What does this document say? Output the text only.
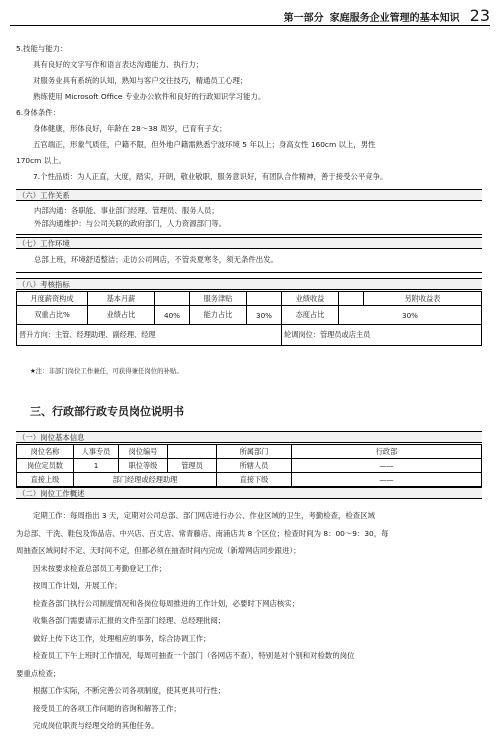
第一部分 家庭服务企业管理的基本知识 23
5.技能与能力：
具有良好的文字写作和语言表达沟通能力、执行力；
对服务业具有系统的认知，熟知与客户交往技巧，精通员工心理；
熟练使用 Microsoft Office 专业办公软件和良好的行政知识学习能力。
6.身体条件：
身体健康，形体良好，年龄在 28～38 周岁，已育有子女；
五官端正，形象气质佳，户籍不限，但外地户籍需熟悉宁波环境 5 年以上；身高女性 160cm 以上，男性
170cm 以上。
7.个性品质：为人正直，大度，踏实，开朗，敬业敬职，服务意识好，有团队合作精神，善于接受公平竞争。
（六）工作关系
内部沟通：各职能、事业部门经理、管理员、服务人员；
外部沟通维护：与公司关联的政府部门，人力资源部门等。
（七）工作环境
总部上班，环境舒适整洁；走访公司网店，不管炎夏寒冬，须无条件出发。
（八）考核指标
月度薪资构成	基本月薪		服务津贴		业绩收益		另附收益表
双重占比%	业绩占比	40%	能力占比	30%	态度占比	30%	
晋升方向：主管、经理助理、副经理、经理					轮调岗位：管理员或店主员		
★注：非部门岗位工作兼任，可获得兼任岗位的补贴。
三、行政部行政专员岗位说明书
（一）岗位基本信息
岗位名称	人事专员	岗位编号		所属部门	行政部
岗位定员数	1	职位等级	管理员	所辖人员	——
直接上级	部门经理或经理助理			直接下级	——
（二）岗位工作概述
定期工作：每周指出 3 天，定期对公司总部、部门网店进行办公、作业区域的卫生，考勤检查，检查区域
为总部、干洗、鞋包及饰品店、中兴店、百丈店、常青藤店、南浦店共 8 个区位；检查时间为 8：00～9：30，每
周抽查区域间时不定、天时间不定，但都必须在抽查时间内完成（新增网店同步跟进）；
因未按要求检查总部员工考勤登记工作；
按周工作计划，开展工作；
检查各部门执行公司制度情况和各岗位每周推进的工作计划，必要时下网店核实；
收集各部门需要请示汇报的文件至部门经理、总经理批阅；
做好上传下达工作，处理相应的事务，综合协调工作；
检查员工下午上班时工作情况，每周可抽查一个部门（各网店不查），特别是对个别和对检数的岗位
要重点检查；
根据工作实际，不断完善公司各项制度，使其更具可行性；
接受员工的各项工作问题的咨询和解答工作；
完成岗位职责与经理交给的其他任务。
